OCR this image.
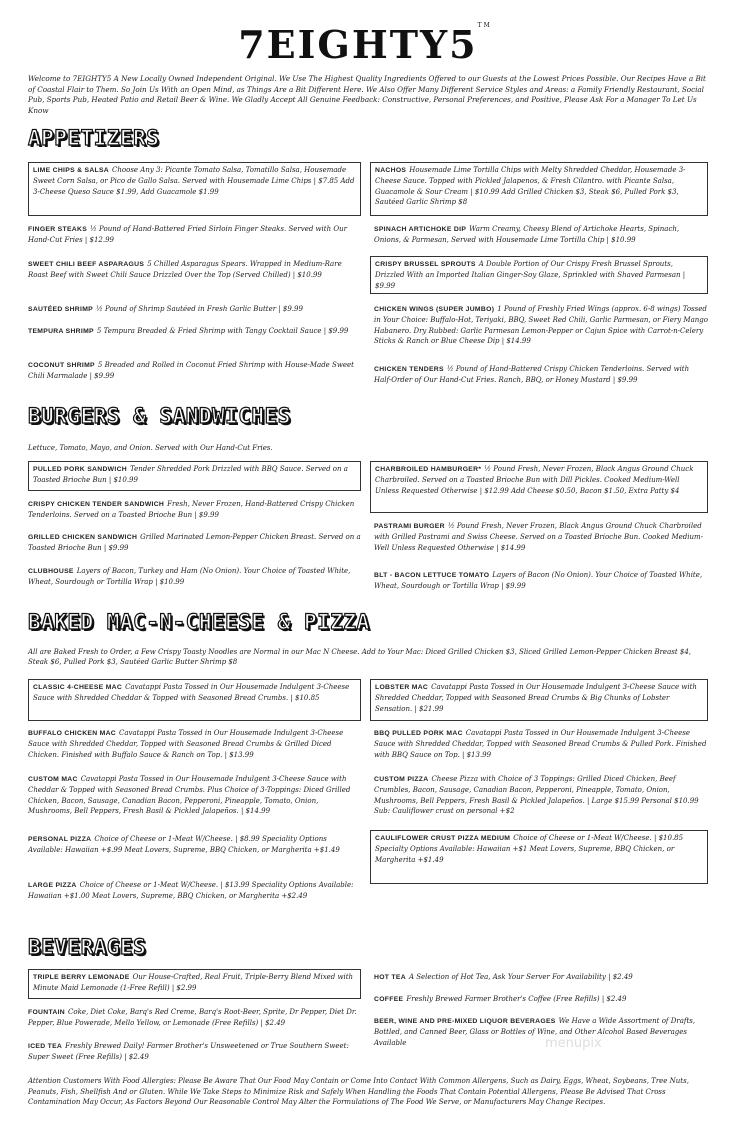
7EIGHTY5™
Welcome to 7EIGHTY5 A New Locally Owned Independent Original. We Use The Highest Quality Ingredients Offered to our Guests at the Lowest Prices Possible. Our Recipes Have a Bit of Coastal Flair to Them. So Join Us With an Open Mind, as Things Are a Bit Different Here. We Also Offer Many Different Service Styles and Areas: a Family Friendly Restaurant, Social Pub, Sports Pub, Heated Patio and Retail Beer & Wine. We Gladly Accept All Genuine Feedback: Constructive, Personal Preferences, and Positive, Please Ask For a Manager To Let Us Know
APPETIZERS
LIME CHIPS & SALSA Choose Any 3: Picante Tomato Salsa, Tomatillo Salsa, Housemade Sweet Corn Salsa, or Pico de Gallo Salsa. Served with Housemade Lime Chips | $7.85 Add 3-Cheese Queso Sauce $1.99, Add Guacamole $1.99
NACHOS Housemade Lime Tortilla Chips with Melty Shredded Cheddar, Housemade 3-Cheese Sauce. Topped with Pickled Jalapenos, & Fresh Cilantro. with Picante Salsa, Guacamole & Sour Cream | $10.99 Add Grilled Chicken $3, Steak $6, Pulled Pork $3, Sautéed Garlic Shrimp $8
FINGER STEAKS ½ Pound of Hand-Battered Fried Sirloin Finger Steaks. Served with Our Hand-Cut Fries | $12.99
SPINACH ARTICHOKE DIP Warm Creamy, Cheesy Blend of Artichoke Hearts, Spinach, Onions, & Parmesan, Served with Housemade Lime Tortilla Chip | $10.99
SWEET CHILI BEEF ASPARAGUS 5 Chilled Asparagus Spears. Wrapped in Medium-Rare Roast Beef with Sweet Chili Sauce Drizzled Over the Top (Served Chilled) | $10.99
CRISPY BRUSSEL SPROUTS A Double Portion of Our Crispy Fresh Brussel Sprouts, Drizzled With an Imported Italian Ginger-Soy Glaze, Sprinkled with Shaved Parmesan | $9.99
SAUTÉED SHRIMP ½ Pound of Shrimp Sautéed in Fresh Garlic Butter | $9.99	CHICKEN WINGS (SUPER JUMBO) 1 Pound of Freshly Fried Wings (approx. 6-8 wings) Tossed in Your Choice: Buffalo-Hot, Teriyaki, BBQ, Sweet Red Chili, Garlic Parmesan, or Fiery Mango Habanero. Dry Rubbed: Garlic Parmesan Lemon-Pepper or Cajun Spice with Carrot-n-Celery Sticks & Ranch or Blue Cheese Dip | $14.99
TEMPURA SHRIMP 5 Tempura Breaded & Fried Shrimp with Tangy Cocktail Sauce | $9.99
COCONUT SHRIMP 5 Breaded and Rolled in Coconut Fried Shrimp with House-Made Sweet Chili Marmalade | $9.99
CHICKEN TENDERS ½ Pound of Hand-Battered Crispy Chicken Tenderloins. Served with Half-Order of Our Hand-Cut Fries. Ranch, BBQ, or Honey Mustard | $9.99
BURGERS & SANDWICHES
Lettuce, Tomato, Mayo, and Onion. Served with Our Hand-Cut Fries.
PULLED PORK SANDWICH Tender Shredded Pork Drizzled with BBQ Sauce. Served on a Toasted Brioche Bun | $10.99
CHARBROILED HAMBURGER* ½ Pound Fresh, Never Frozen, Black Angus Ground Chuck Charbroiled. Served on a Toasted Brioche Bun with Dill Pickles. Cooked Medium-Well Unless Requested Otherwise | $12.99 Add Cheese $0.50, Bacon $1.50, Extra Patty $4
CRISPY CHICKEN TENDER SANDWICH Fresh, Never Frozen, Hand-Battered Crispy Chicken Tenderloins. Served on a Toasted Brioche Bun | $9.99
PASTRAMI BURGER ½ Pound Fresh, Never Frozen, Black Angus Ground Chuck Charbroiled with Grilled Pastrami and Swiss Cheese. Served on a Toasted Brioche Bun. Cooked Medium-Well Unless Requested Otherwise | $14.99
GRILLED CHICKEN SANDWICH Grilled Marinated Lemon-Pepper Chicken Breast. Served on a Toasted Brioche Bun | $9.99
CLUBHOUSE Layers of Bacon, Turkey and Ham (No Onion). Your Choice of Toasted White, Wheat, Sourdough or Tortilla Wrap | $10.99
BLT - BACON LETTUCE TOMATO Layers of Bacon (No Onion). Your Choice of Toasted White, Wheat, Sourdough or Tortilla Wrap | $9.99
BAKED MAC-N-CHEESE & PIZZA
All are Baked Fresh to Order, a Few Crispy Toasty Noodles are Normal in our Mac N Cheese. Add to Your Mac: Diced Grilled Chicken $3, Sliced Grilled Lemon-Pepper Chicken Breast $4, Steak $6, Pulled Pork $3, Sautéed Garlic Butter Shrimp $8
CLASSIC 4-CHEESE MAC Cavatappi Pasta Tossed in Our Housemade Indulgent 3-Cheese Sauce with Shredded Cheddar & Topped with Seasoned Bread Crumbs. | $10.85
LOBSTER MAC Cavatappi Pasta Tossed in Our Housemade Indulgent 3-Cheese Sauce with Shredded Cheddar, Topped with Seasoned Bread Crumbs & Big Chunks of Lobster Sensation. | $21.99
BUFFALO CHICKEN MAC Cavatappi Pasta Tossed in Our Housemade Indulgent 3-Cheese Sauce with Shredded Cheddar, Topped with Seasoned Bread Crumbs & Grilled Diced Chicken. Finished with Buffalo Sauce & Ranch on Top. | $13.99
BBQ PULLED PORK MAC Cavatappi Pasta Tossed in Our Housemade Indulgent 3-Cheese Sauce with Shredded Cheddar, Topped with Seasoned Bread Crumbs & Pulled Pork. Finished with BBQ Sauce on Top. | $13.99
CUSTOM MAC Cavatappi Pasta Tossed in Our Housemade Indulgent 3-Cheese Sauce with Cheddar & Topped with Seasoned Bread Crumbs. Plus Choice of 3-Toppings: Diced Grilled Chicken, Bacon, Sausage, Canadian Bacon, Pepperoni, Pineapple, Tomato, Onion, Mushrooms, Bell Peppers, Fresh Basil & Pickled Jalapeños. | $14.99
CUSTOM PIZZA Cheese Pizza with Choice of 3 Toppings: Grilled Diced Chicken, Beef Crumbles, Bacon, Sausage, Canadian Bacon, Pepperoni, Pineapple, Tomato, Onion, Mushrooms, Bell Peppers, Fresh Basil & Pickled Jalapeños. | Large $15.99 Personal $10.99 Sub: Cauliflower crust on personal +$2
PERSONAL PIZZA Choice of Cheese or 1-Meat W/Cheese. | $8.99 Speciality Options Available: Hawaiian +$.99 Meat Lovers, Supreme, BBQ Chicken, or Margherita +$1.49
CAULIFLOWER CRUST PIZZA MEDIUM Choice of Cheese or 1-Meat W/Cheese. | $10.85 Specialty Options Available: Hawaiian +$1 Meat Lovers, Supreme, BBQ Chicken, or Margherita +$1.49
LARGE PIZZA Choice of Cheese or 1-Meat W/Cheese. | $13.99 Speciality Options Available: Hawaiian +$1.00 Meat Lovers, Supreme, BBQ Chicken, or Margherita +$2.49
BEVERAGES
TRIPLE BERRY LEMONADE Our House-Crafted, Real Fruit, Triple-Berry Blend Mixed with Minute Maid Lemonade (1-Free Refill) | $2.99
HOT TEA A Selection of Hot Tea, Ask Your Server For Availability | $2.49
COFFEE Freshly Brewed Farmer Brother's Coffee (Free Refills) | $2.49
FOUNTAIN Coke, Diet Coke, Barq's Red Creme, Barq's Root-Beer, Sprite, Dr Pepper, Diet Dr. Pepper, Blue Powerade, Mello Yellow, or Lemonade (Free Refills) | $2.49	BEER, WINE AND PRE-MIXED LIQUOR BEVERAGES We Have a Wide Assortment of Drafts, Bottled, and Canned Beer, Glass or Bottles of Wine, and Other Alcohol Based Beverages Available
ICED TEA Freshly Brewed Daily! Farmer Brother's Unsweetened or True Southern Sweet: Super Sweet (Free Refills) | $2.49
menupix
Attention Customers With Food Allergies: Please Be Aware That Our Food May Contain or Come Into Contact With Common Allergens, Such as Dairy, Eggs, Wheat, Soybeans, Tree Nuts, Peanuts, Fish, Shellfish And or Gluten. While We Take Steps to Minimize Risk and Safely When Handling the Foods That Contain Potential Allergens, Please Be Advised That Cross Contamination May Occur, As Factors Beyond Our Reasonable Control May Alter the Formulations of The Food We Serve, or Manufacturers May Change Recipes.
